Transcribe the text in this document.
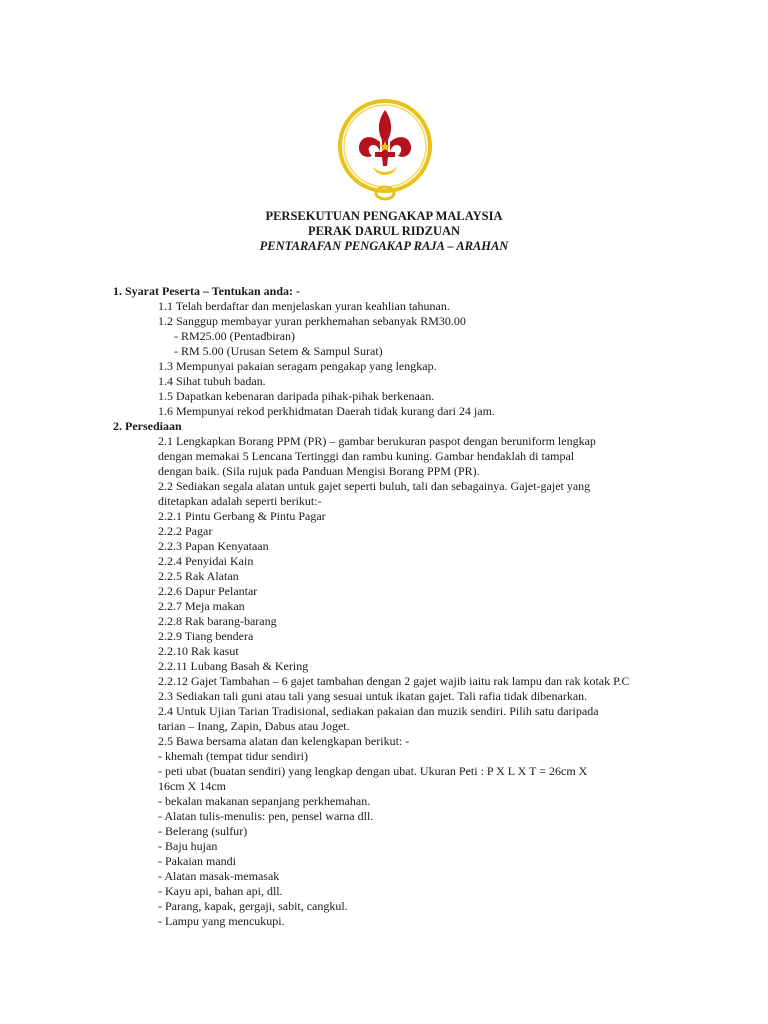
PERSEKUTUAN PENGAKAP MALAYSIA
PERAK DARUL RIDZUAN
PENTARAFAN PENGAKAP RAJA – ARAHAN
1. Syarat Peserta – Tentukan anda: -
1.1 Telah berdaftar dan menjelaskan yuran keahlian tahunan.
1.2 Sanggup membayar yuran perkhemahan sebanyak RM30.00
- RM25.00 (Pentadbiran)
- RM 5.00 (Urusan Setem & Sampul Surat)
1.3 Mempunyai pakaian seragam pengakap yang lengkap.
1.4 Sihat tubuh badan.
1.5 Dapatkan kebenaran daripada pihak-pihak berkenaan.
1.6 Mempunyai rekod perkhidmatan Daerah tidak kurang dari 24 jam.
2. Persediaan
2.1 Lengkapkan Borang PPM (PR) – gambar berukuran paspot dengan beruniform lengkap
dengan memakai 5 Lencana Tertinggi dan rambu kuning. Gambar hendaklah di tampal
dengan baik. (Sila rujuk pada Panduan Mengisi Borang PPM (PR).
2.2 Sediakan segala alatan untuk gajet seperti buluh, tali dan sebagainya. Gajet-gajet yang
ditetapkan adalah seperti berikut:-
2.2.1 Pintu Gerbang & Pintu Pagar
2.2.2 Pagar
2.2.3 Papan Kenyataan
2.2.4 Penyidai Kain
2.2.5 Rak Alatan
2.2.6 Dapur Pelantar
2.2.7 Meja makan
2.2.8 Rak barang-barang
2.2.9 Tiang bendera
2.2.10 Rak kasut
2.2.11 Lubang Basah & Kering
2.2.12 Gajet Tambahan – 6 gajet tambahan dengan 2 gajet wajib iaitu rak lampu dan rak kotak P.C
2.3 Sediakan tali guni atau tali yang sesuai untuk ikatan gajet. Tali rafia tidak dibenarkan.
2.4 Untuk Ujian Tarian Tradisional, sediakan pakaian dan muzik sendiri. Pilih satu daripada
tarian – Inang, Zapin, Dabus atau Joget.
2.5 Bawa bersama alatan dan kelengkapan berikut: -
- khemah (tempat tidur sendiri)
- peti ubat (buatan sendiri) yang lengkap dengan ubat. Ukuran Peti : P X L X T = 26cm X
16cm X 14cm
- bekalan makanan sepanjang perkhemahan.
- Alatan tulis-menulis: pen, pensel warna dll.
- Belerang (sulfur)
- Baju hujan
- Pakaian mandi
- Alatan masak-memasak
- Kayu api, bahan api, dll.
- Parang, kapak, gergaji, sabit, cangkul.
- Lampu yang mencukupi.
